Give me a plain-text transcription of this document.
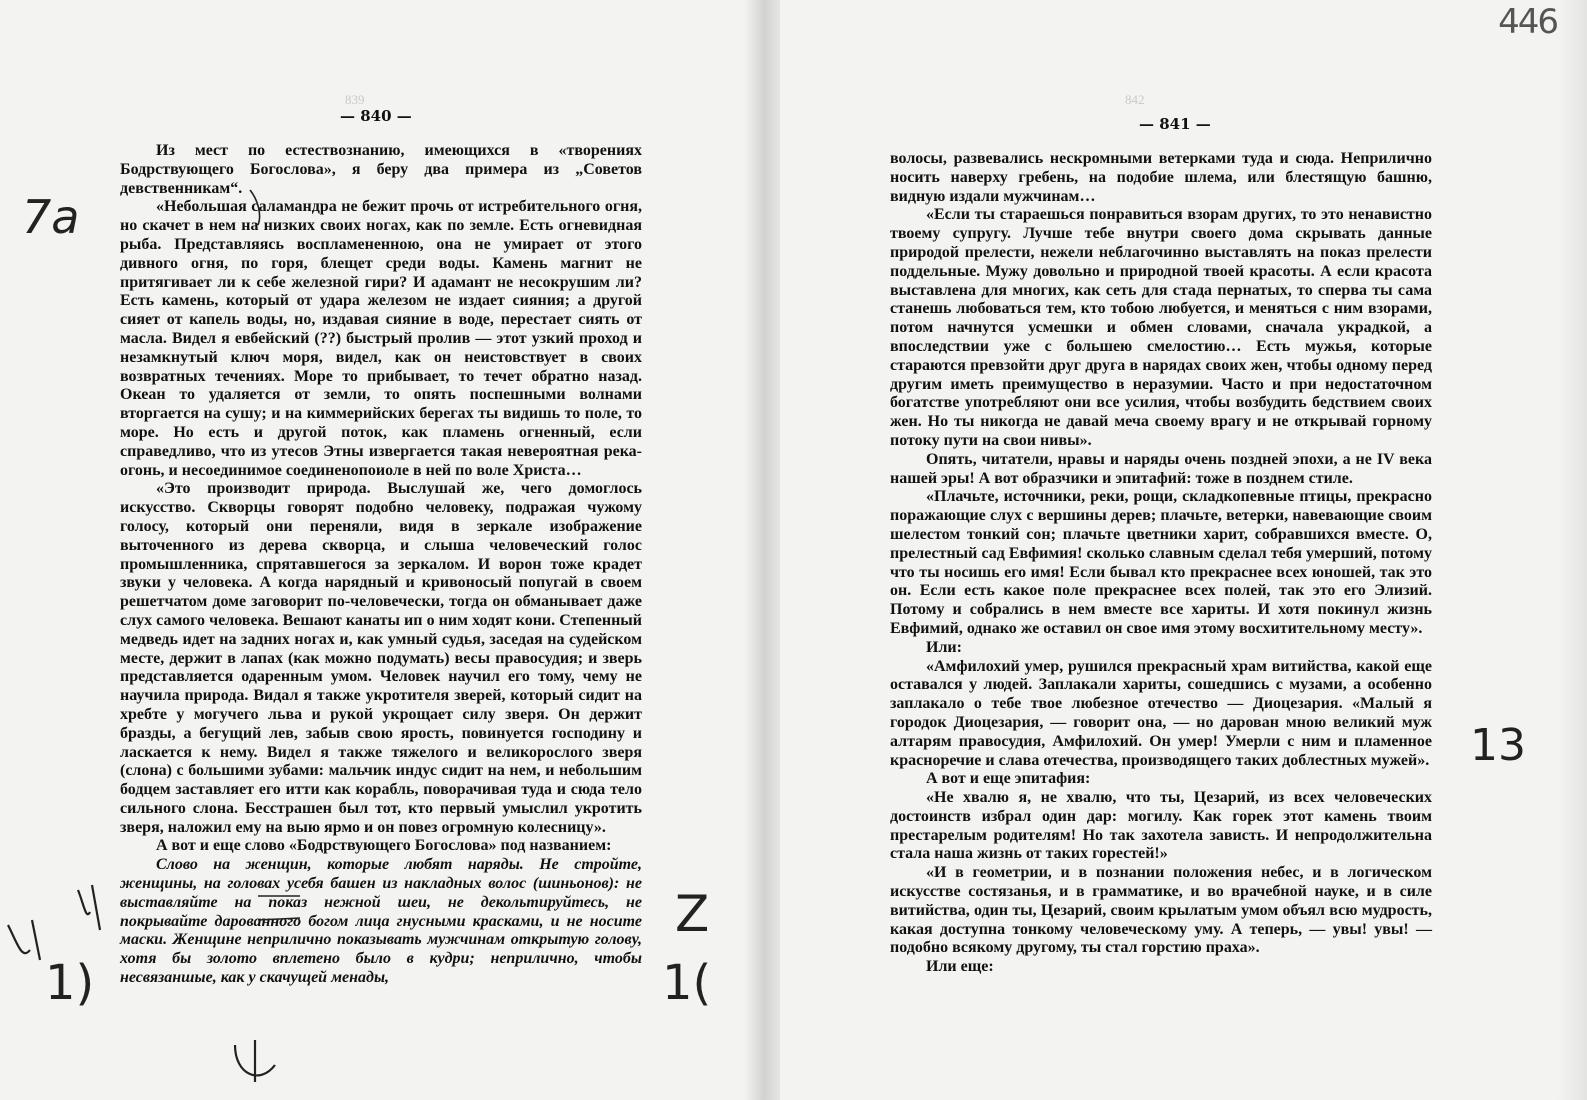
446
839
— 840 —

Из мест по естествознанию, имеющихся в «творениях Бодрствующего Богослова», я беру два примера из „Советов девственникам“.

«Небольшая саламандра не бежит прочь от истребительного огня, но скачет в нем на низких своих ногах, как по земле. Есть огневидная рыба. Представляясь воспламененною, она не умирает от этого дивного огня, по горя, блещет среди воды. Камень магнит не притягивает ли к себе железной гири? И адамант не несокрушим ли? Есть камень, который от удара железом не издает сияния; а другой сияет от капель воды, но, издавая сияние в воде, перестает сиять от масла. Видел я евбейский (??) быстрый пролив — этот узкий проход и незамкнутый ключ моря, видел, как он неистовствует в своих возвратных течениях. Море то прибывает, то течет обратно назад. Океан то удаляется от земли, то опять поспешными волнами вторгается на сушу; и на киммерийских берегах ты видишь то поле, то море. Но есть и другой поток, как пламень огненный, если справедливо, что из утесов Этны извергается такая невероятная река-огонь, и несоединимое соединенопоиоле в ней по воле Христа…

«Это производит природа. Выслушай же, чего домоглось искусство. Скворцы говорят подобно человеку, подражая чужому голосу, который они переняли, видя в зеркале изображение выточенного из дерева скворца, и слыша человеческий голос промышленника, спрятавшегося за зеркалом. И ворон тоже крадет звуки у человека. А когда нарядный и кривоносый попугай в своем решетчатом доме заговорит по-человечески, тогда он обманывает даже слух самого человека. Вешают канаты ип о ним ходят кони. Степенный медведь идет на задних ногах и, как умный судья, заседая на судейском месте, держит в лапах (как можно подумать) весы правосудия; и зверь представляется одаренным умом. Человек научил его тому, чему не научила природа. Видал я также укротителя зверей, который сидит на хребте у могучего льва и рукой укрощает силу зверя. Он держит бразды, а бегущий лев, забыв свою ярость, повинуется господину и ласкается к нему. Видел я также тяжелого и великорослого зверя (слона) с большими зубами: мальчик индус сидит на нем, и небольшим бодцем заставляет его итти как корабль, поворачивая туда и сюда тело сильного слона. Бесстрашен был тот, кто первый умыслил укротить зверя, наложил ему на выю ярмо и он повез огромную колесницу».

А вот и еще слово «Бодрствующего Богослова» под названием:

Слово на женщин, которые любят наряды. Не стройте, женщины, на головах усебя башен из накладных волос (шиньонов): не выставляйте на показ нежной шеи, не декольтируйтесь, не покрывайте дарованного богом лица гнусными красками, и не носите маски. Женщине неприлично показывать мужчинам открытую голову, хотя бы золото вплетено было в кудри; неприлично, чтобы несвязаншые, как у скачущей менады,

7a
1)
Z
1(
842
— 841 —

волосы, развевались нескромными ветерками туда и сюда. Неприлично носить наверху гребень, на подобие шлема, или блестящую башню, видную издали мужчинам…

«Если ты стараешься понравиться взорам других, то это ненавистно твоему супругу. Лучше тебе внутри своего дома скрывать данные природой прелести, нежели неблагочинно выставлять на показ прелести поддельные. Мужу довольно и природной твоей красоты. А если красота выставлена для многих, как сеть для стада пернатых, то сперва ты сама станешь любоваться тем, кто тобою любуется, и меняться с ним взорами, потом начнутся усмешки и обмен словами, сначала украдкой, а впоследствии уже с большею смелостию… Есть мужья, которые стараются превзойти друг друга в нарядах своих жен, чтобы одному перед другим иметь преимущество в неразумии. Часто и при недостаточном богатстве употребляют они все усилия, чтобы возбудить бедствием своих жен. Но ты никогда не давай меча своему врагу и не открывай горному потоку пути на свои нивы».

Опять, читатели, нравы и наряды очень поздней эпохи, а не IV века нашей эры! А вот образчики и эпитафий: тоже в позднем стиле.

«Плачьте, источники, реки, рощи, складкопевные птицы, прекрасно поражающие слух с вершины дерев; плачьте, ветерки, навевающие своим шелестом тонкий сон; плачьте цветники харит, собравшихся вместе. О, прелестный сад Евфимия! сколько славным сделал тебя умерший, потому что ты носишь его имя! Если бывал кто прекраснее всех юношей, так это он. Если есть какое поле прекраснее всех полей, так это его Элизий. Потому и собрались в нем вместе все хариты. И хотя покинул жизнь Евфимий, однако же оставил он свое имя этому восхитительному месту».

Или:

«Амфилохий умер, рушился прекрасный храм витийства, какой еще оставался у людей. Заплакали хариты, сошедшись с музами, а особенно заплакало о тебе твое любезное отечество — Диоцезария. «Малый я городок Диоцезария, — говорит она, — но дарован мною великий муж алтарям правосудия, Амфилохий. Он умер! Умерли с ним и пламенное красноречие и слава отечества, производящего таких доблестных мужей».

А вот и еще эпитафия:

«Не хвалю я, не хвалю, что ты, Цезарий, из всех человеческих достоинств избрал один дар: могилу. Как горек этот камень твоим престарелым родителям! Но так захотела зависть. И непродолжительна стала наша жизнь от таких горестей!»

«И в геометрии, и в познании положения небес, и в логическом искусстве состязанья, и в грамматике, и во врачебной науке, и в силе витийства, один ты, Цезарий, своим крылатым умом объял всю мудрость, какая доступна тонкому человеческому уму. А теперь, — увы! увы! — подобно всякому другому, ты стал горстию праха».

Или еще:

13
